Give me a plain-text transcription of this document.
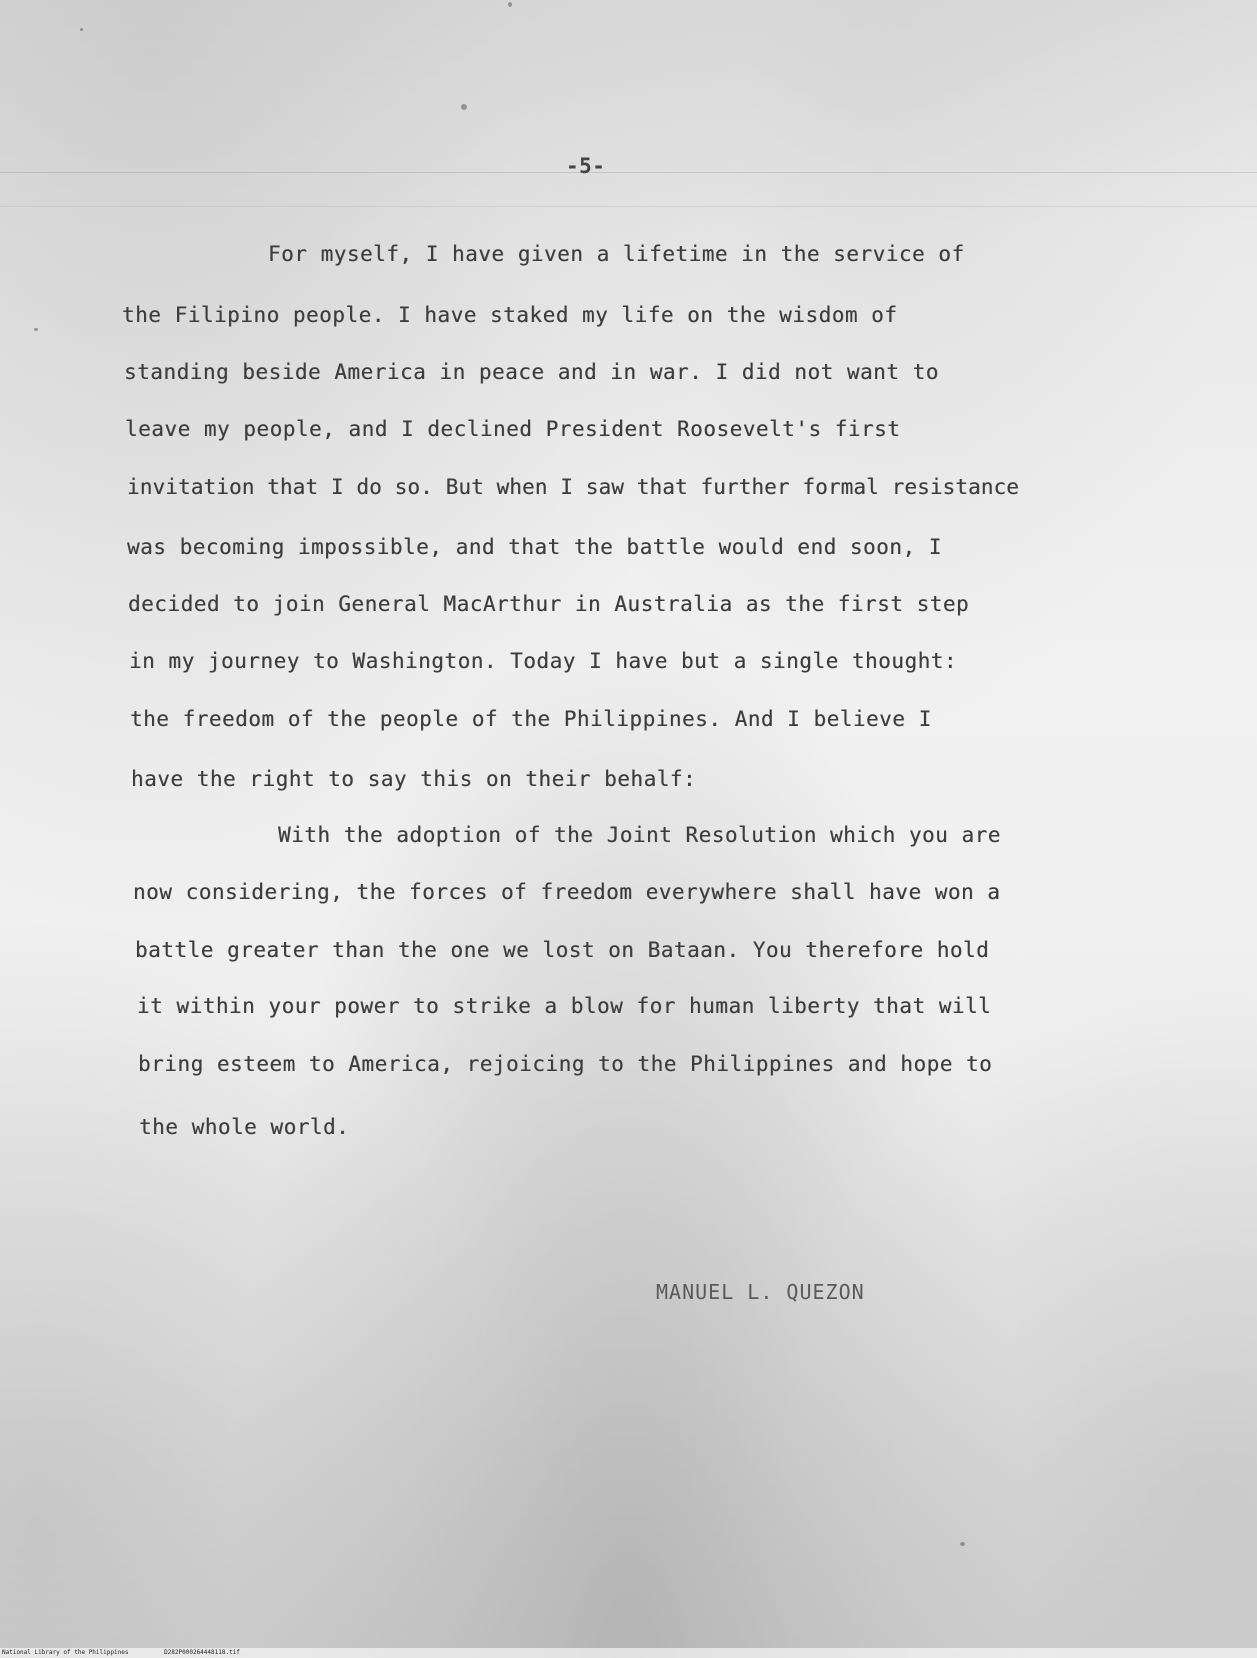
-5-

For myself, I have given a lifetime in the service of

the Filipino people. I have staked my life on the wisdom of

standing beside America in peace and in war. I did not want to

leave my people, and I declined President Roosevelt's first

invitation that I do so. But when I saw that further formal resistance

was becoming impossible, and that the battle would end soon, I

decided to join General MacArthur in Australia as the first step

in my journey to Washington. Today I have but a single thought:

the freedom of the people of the Philippines. And I believe I

have the right to say this on their behalf:

With the adoption of the Joint Resolution which you are

now considering, the forces of freedom everywhere shall have won a

battle greater than the one we lost on Bataan. You therefore hold

it within your power to strike a blow for human liberty that will

bring esteem to America, rejoicing to the Philippines and hope to

the whole world.

MANUEL L. QUEZON
National Library of the Philippines	D282P000264448118.tif
